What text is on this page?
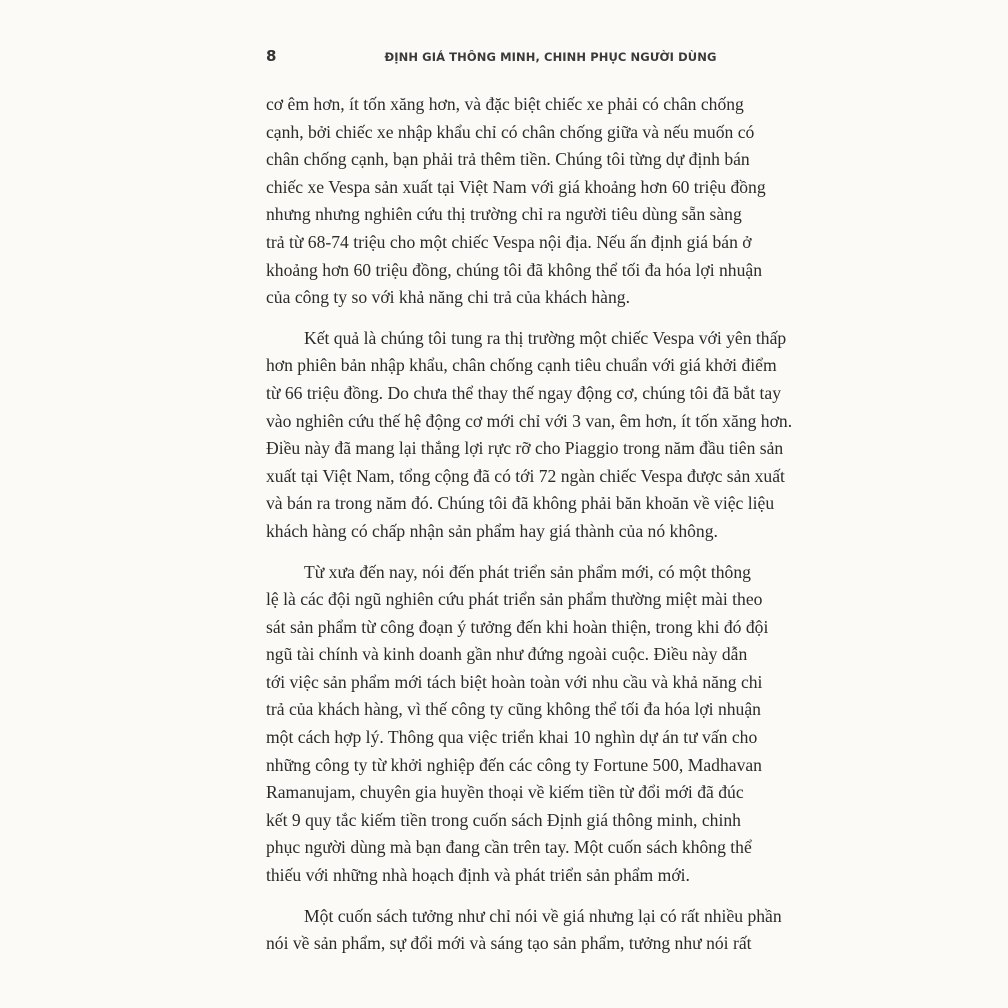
8	ĐỊNH GIÁ THÔNG MINH, CHINH PHỤC NGƯỜI DÙNG
cơ êm hơn, ít tốn xăng hơn, và đặc biệt chiếc xe phải có chân chống
cạnh, bởi chiếc xe nhập khẩu chỉ có chân chống giữa và nếu muốn có
chân chống cạnh, bạn phải trả thêm tiền. Chúng tôi từng dự định bán
chiếc xe Vespa sản xuất tại Việt Nam với giá khoảng hơn 60 triệu đồng
nhưng nhưng nghiên cứu thị trường chỉ ra người tiêu dùng sẵn sàng
trả từ 68-74 triệu cho một chiếc Vespa nội địa. Nếu ấn định giá bán ở
khoảng hơn 60 triệu đồng, chúng tôi đã không thể tối đa hóa lợi nhuận
của công ty so với khả năng chi trả của khách hàng.
Kết quả là chúng tôi tung ra thị trường một chiếc Vespa với yên thấp
hơn phiên bản nhập khẩu, chân chống cạnh tiêu chuẩn với giá khởi điểm
từ 66 triệu đồng. Do chưa thể thay thế ngay động cơ, chúng tôi đã bắt tay
vào nghiên cứu thế hệ động cơ mới chỉ với 3 van, êm hơn, ít tốn xăng hơn.
Điều này đã mang lại thắng lợi rực rỡ cho Piaggio trong năm đầu tiên sản
xuất tại Việt Nam, tổng cộng đã có tới 72 ngàn chiếc Vespa được sản xuất
và bán ra trong năm đó. Chúng tôi đã không phải băn khoăn về việc liệu
khách hàng có chấp nhận sản phẩm hay giá thành của nó không.
Từ xưa đến nay, nói đến phát triển sản phẩm mới, có một thông
lệ là các đội ngũ nghiên cứu phát triển sản phẩm thường miệt mài theo
sát sản phẩm từ công đoạn ý tưởng đến khi hoàn thiện, trong khi đó đội
ngũ tài chính và kinh doanh gần như đứng ngoài cuộc. Điều này dẫn
tới việc sản phẩm mới tách biệt hoàn toàn với nhu cầu và khả năng chi
trả của khách hàng, vì thế công ty cũng không thể tối đa hóa lợi nhuận
một cách hợp lý. Thông qua việc triển khai 10 nghìn dự án tư vấn cho
những công ty từ khởi nghiệp đến các công ty Fortune 500, Madhavan
Ramanujam, chuyên gia huyền thoại về kiếm tiền từ đổi mới đã đúc
kết 9 quy tắc kiếm tiền trong cuốn sách Định giá thông minh, chinh
phục người dùng mà bạn đang cần trên tay. Một cuốn sách không thể
thiếu với những nhà hoạch định và phát triển sản phẩm mới.
Một cuốn sách tưởng như chỉ nói về giá nhưng lại có rất nhiều phần
nói về sản phẩm, sự đổi mới và sáng tạo sản phẩm, tưởng như nói rất
